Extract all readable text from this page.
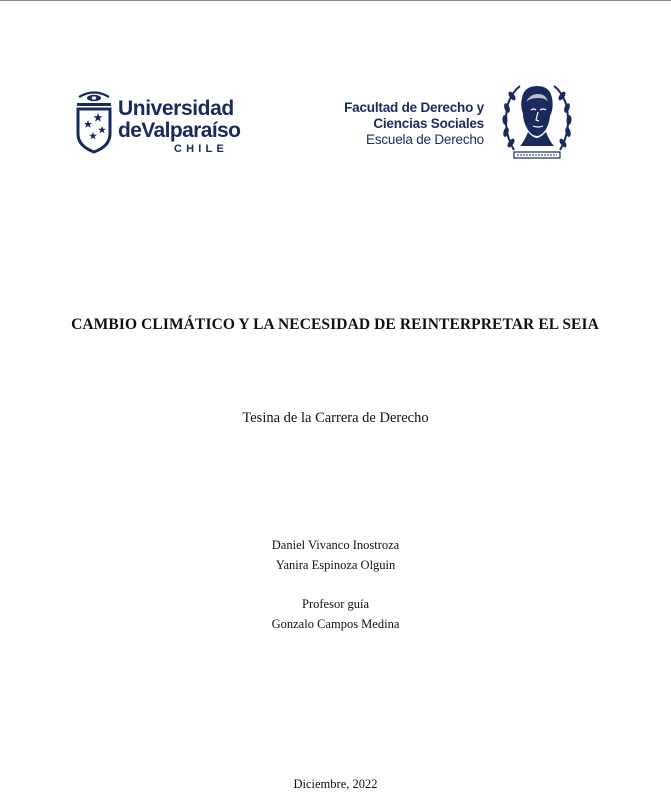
Universidad
deValparaíso
CHILE
Facultad de Derecho y
Ciencias Sociales
Escuela de Derecho
CAMBIO CLIMÁTICO Y LA NECESIDAD DE REINTERPRETAR EL SEIA
Tesina de la Carrera de Derecho
Daniel Vivanco Inostroza
Yanira Espinoza Olguin
Profesor guía
Gonzalo Campos Medina
Diciembre, 2022
